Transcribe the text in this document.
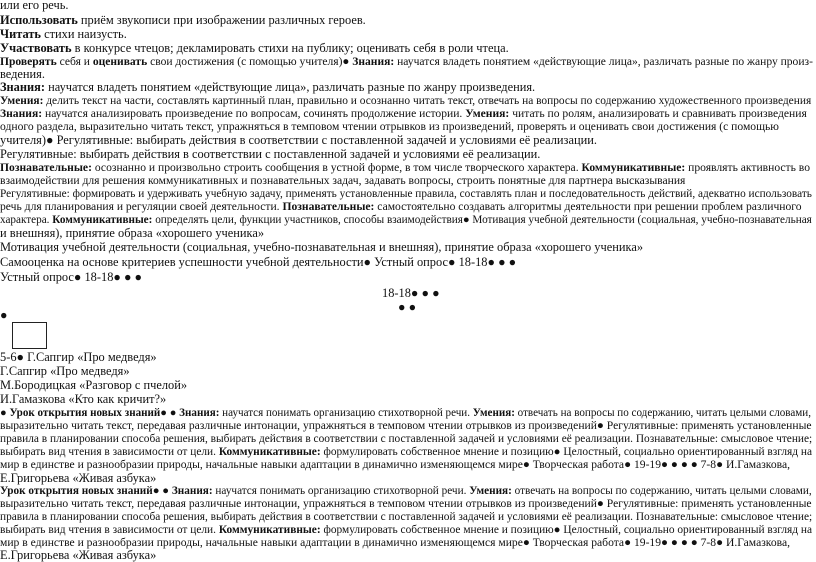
или его речь.
Использовать приём звукописи при изображении различных героев.
Читать стихи наизусть.
Участвовать в конкурсе чтецов; декламировать стихи на публику; оценивать себя в роли чтеца.
Проверять себя и оценивать свои достижения (с помощью учителя)● Знания: научатся владеть понятием «действующие лица», различать разные по жанру произ-
ведения.
Знания: научатся владеть понятием «действующие лица», различать разные по жанру произведения.
Умения: делить текст на части, составлять картинный план, правильно и осознанно читать текст, отвечать на вопросы по содержанию художественного произведения
Знания: научатся анализировать произведение по вопросам, сочинять продолжение истории. Умения: читать по ролям, анализировать и сравнивать произведения
одного раздела, выразительно читать текст, упражняться в темповом чтении отрывков из произведений, проверять и оценивать свои достижения (с помощью
учителя)● Регулятивные: выбирать действия в соответствии с поставленной задачей и условиями её реализации.
Регулятивные: выбирать действия в соответствии с поставленной задачей и условиями её реализации.
Познавательные: осознанно и произвольно строить сообщения в устной форме, в том числе творческого характера. Коммуникативные: проявлять активность во
взаимодействии для решения коммуникативных и познавательных задач, задавать вопросы, строить понятные для партнера высказывания
Регулятивные: формировать и удерживать учебную задачу, применять установленные правила, составлять план и последовательность действий, адекватно использовать
речь для планирования и регуляции своей деятельности. Познавательные: самостоятельно создавать алгоритмы деятельности при решении проблем различного
характера. Коммуникативные: определять цели, функции участников, способы взаимодействия● Мотивация учебной деятельности (социальная, учебно-познавательная
и внешняя), принятие образа «хорошего ученика»
Мотивация учебной деятельности (социальная, учебно-познавательная и внешняя), принятие образа «хорошего ученика»
Самооценка на основе критериев успешности учебной деятельности● Устный опрос● 18-18● ● ●
Устный опрос● 18-18● ● ●
18-18● ● ●
● ●
●
5-6● Г.Сапгир «Про медведя»
Г.Сапгир «Про медведя»
М.Бородицкая «Разговор с пчелой»
И.Гамазкова «Кто как кричит?»
● Урок открытия новых знаний● ● Знания: научатся понимать организацию стихотворной речи. Умения: отвечать на вопросы по содержанию, читать целыми словами,
выразительно читать текст, передавая различные интонации, упражняться в темповом чтении отрывков из произведений● Регулятивные: применять установленные
правила в планировании способа решения, выбирать действия в соответствии с поставленной задачей и условиями её реализации. Познавательные: смысловое чтение;
выбирать вид чтения в зависимости от цели. Коммуникативные: формулировать собственное мнение и позицию● Целостный, социально ориентированный взгляд на
мир в единстве и разнообразии природы, начальные навыки адаптации в динамично изменяющемся мире● Творческая работа● 19-19● ● ● ● 7-8● И.Гамазкова,
Е.Григорьева «Живая азбука»
Урок открытия новых знаний● ● Знания: научатся понимать организацию стихотворной речи. Умения: отвечать на вопросы по содержанию, читать целыми словами,
выразительно читать текст, передавая различные интонации, упражняться в темповом чтении отрывков из произведений● Регулятивные: применять установленные
правила в планировании способа решения, выбирать действия в соответствии с поставленной задачей и условиями её реализации. Познавательные: смысловое чтение;
выбирать вид чтения в зависимости от цели. Коммуникативные: формулировать собственное мнение и позицию● Целостный, социально ориентированный взгляд на
мир в единстве и разнообразии природы, начальные навыки адаптации в динамично изменяющемся мире● Творческая работа● 19-19● ● ● ● 7-8● И.Гамазкова,
Е.Григорьева «Живая азбука»
